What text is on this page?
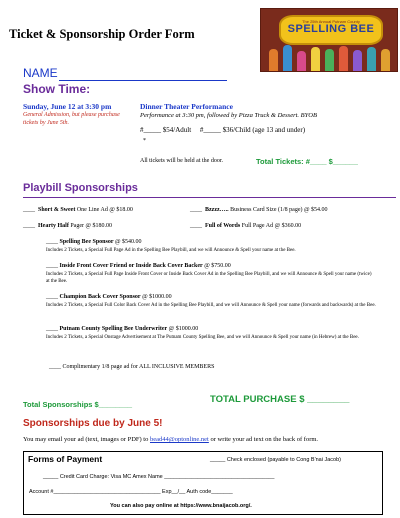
Ticket & Sponsorship Order Form
The 25th Annual Putnam County
SPELLING BEE
NAME
Show Time:
Sunday, June 12 at 3:30 pm
General Admission, but please purchase tickets by June 5th.
Dinner Theater Performance
Performance at 3:30 pm, followed by Pizza Truck & Dessert. BYOB
#_____ $54/Adult #_____ $36/Child (age 13 and under)
*
All tickets will be held at the door.	Total Tickets: #____ $______
Playbill Sponsorships
____ Short & Sweet One Line Ad @ $18.00	____ Bzzzz….. Business Card Size (1/8 page) @ $54.00
____ Hearty Half Pager @ $180.00	____ Full of Words Full Page Ad @ $360.00
____ Spelling Bee Sponsor @ $540.00
Includes 2 Tickets, a Special Full Page Ad in the Spelling Bee Playbill, and we will Announce & Spell your name at the Bee.
____ Inside Front Cover Friend or Inside Back Cover Backer @ $750.00
Includes 2 Tickets, a Special Full Page Inside Front Cover or Inside Back Cover Ad in the Spelling Bee Playbill, and we will Announce & Spell your name (twice) at the Bee.
____ Champion Back Cover Sponsor @ $1000.00
Includes 2 Tickets, a Special Full Color Back Cover Ad in the Spelling Bee Playbill, and we will Announce & Spell your name (forwards and backwards) at the Bee.
____ Putnam County Spelling Bee Underwriter @ $1000.00
Includes 2 Tickets, a Special Onstage Advertisement at The Putnam County Spelling Bee, and we will Announce & Spell your name (in Hebrew) at the Bee.
____ Complimentary 1/8 page ad for ALL INCLUSIVE MEMBERS
Total Sponsorships $________	TOTAL PURCHASE $ ________
Sponsorships due by June 5!
You may email your ad (text, images or PDF) to bead44@optonline.net or write your ad text on the back of form.
Forms of Payment	_____ Check enclosed (payable to Cong B'nai Jacob)
_____ Credit Card Charge: Visa MC Amex Name ____________________________________
Account #___________________________________ Exp__/__ Auth code_______
You can also pay online at https://www.bnaijacob.org/.
